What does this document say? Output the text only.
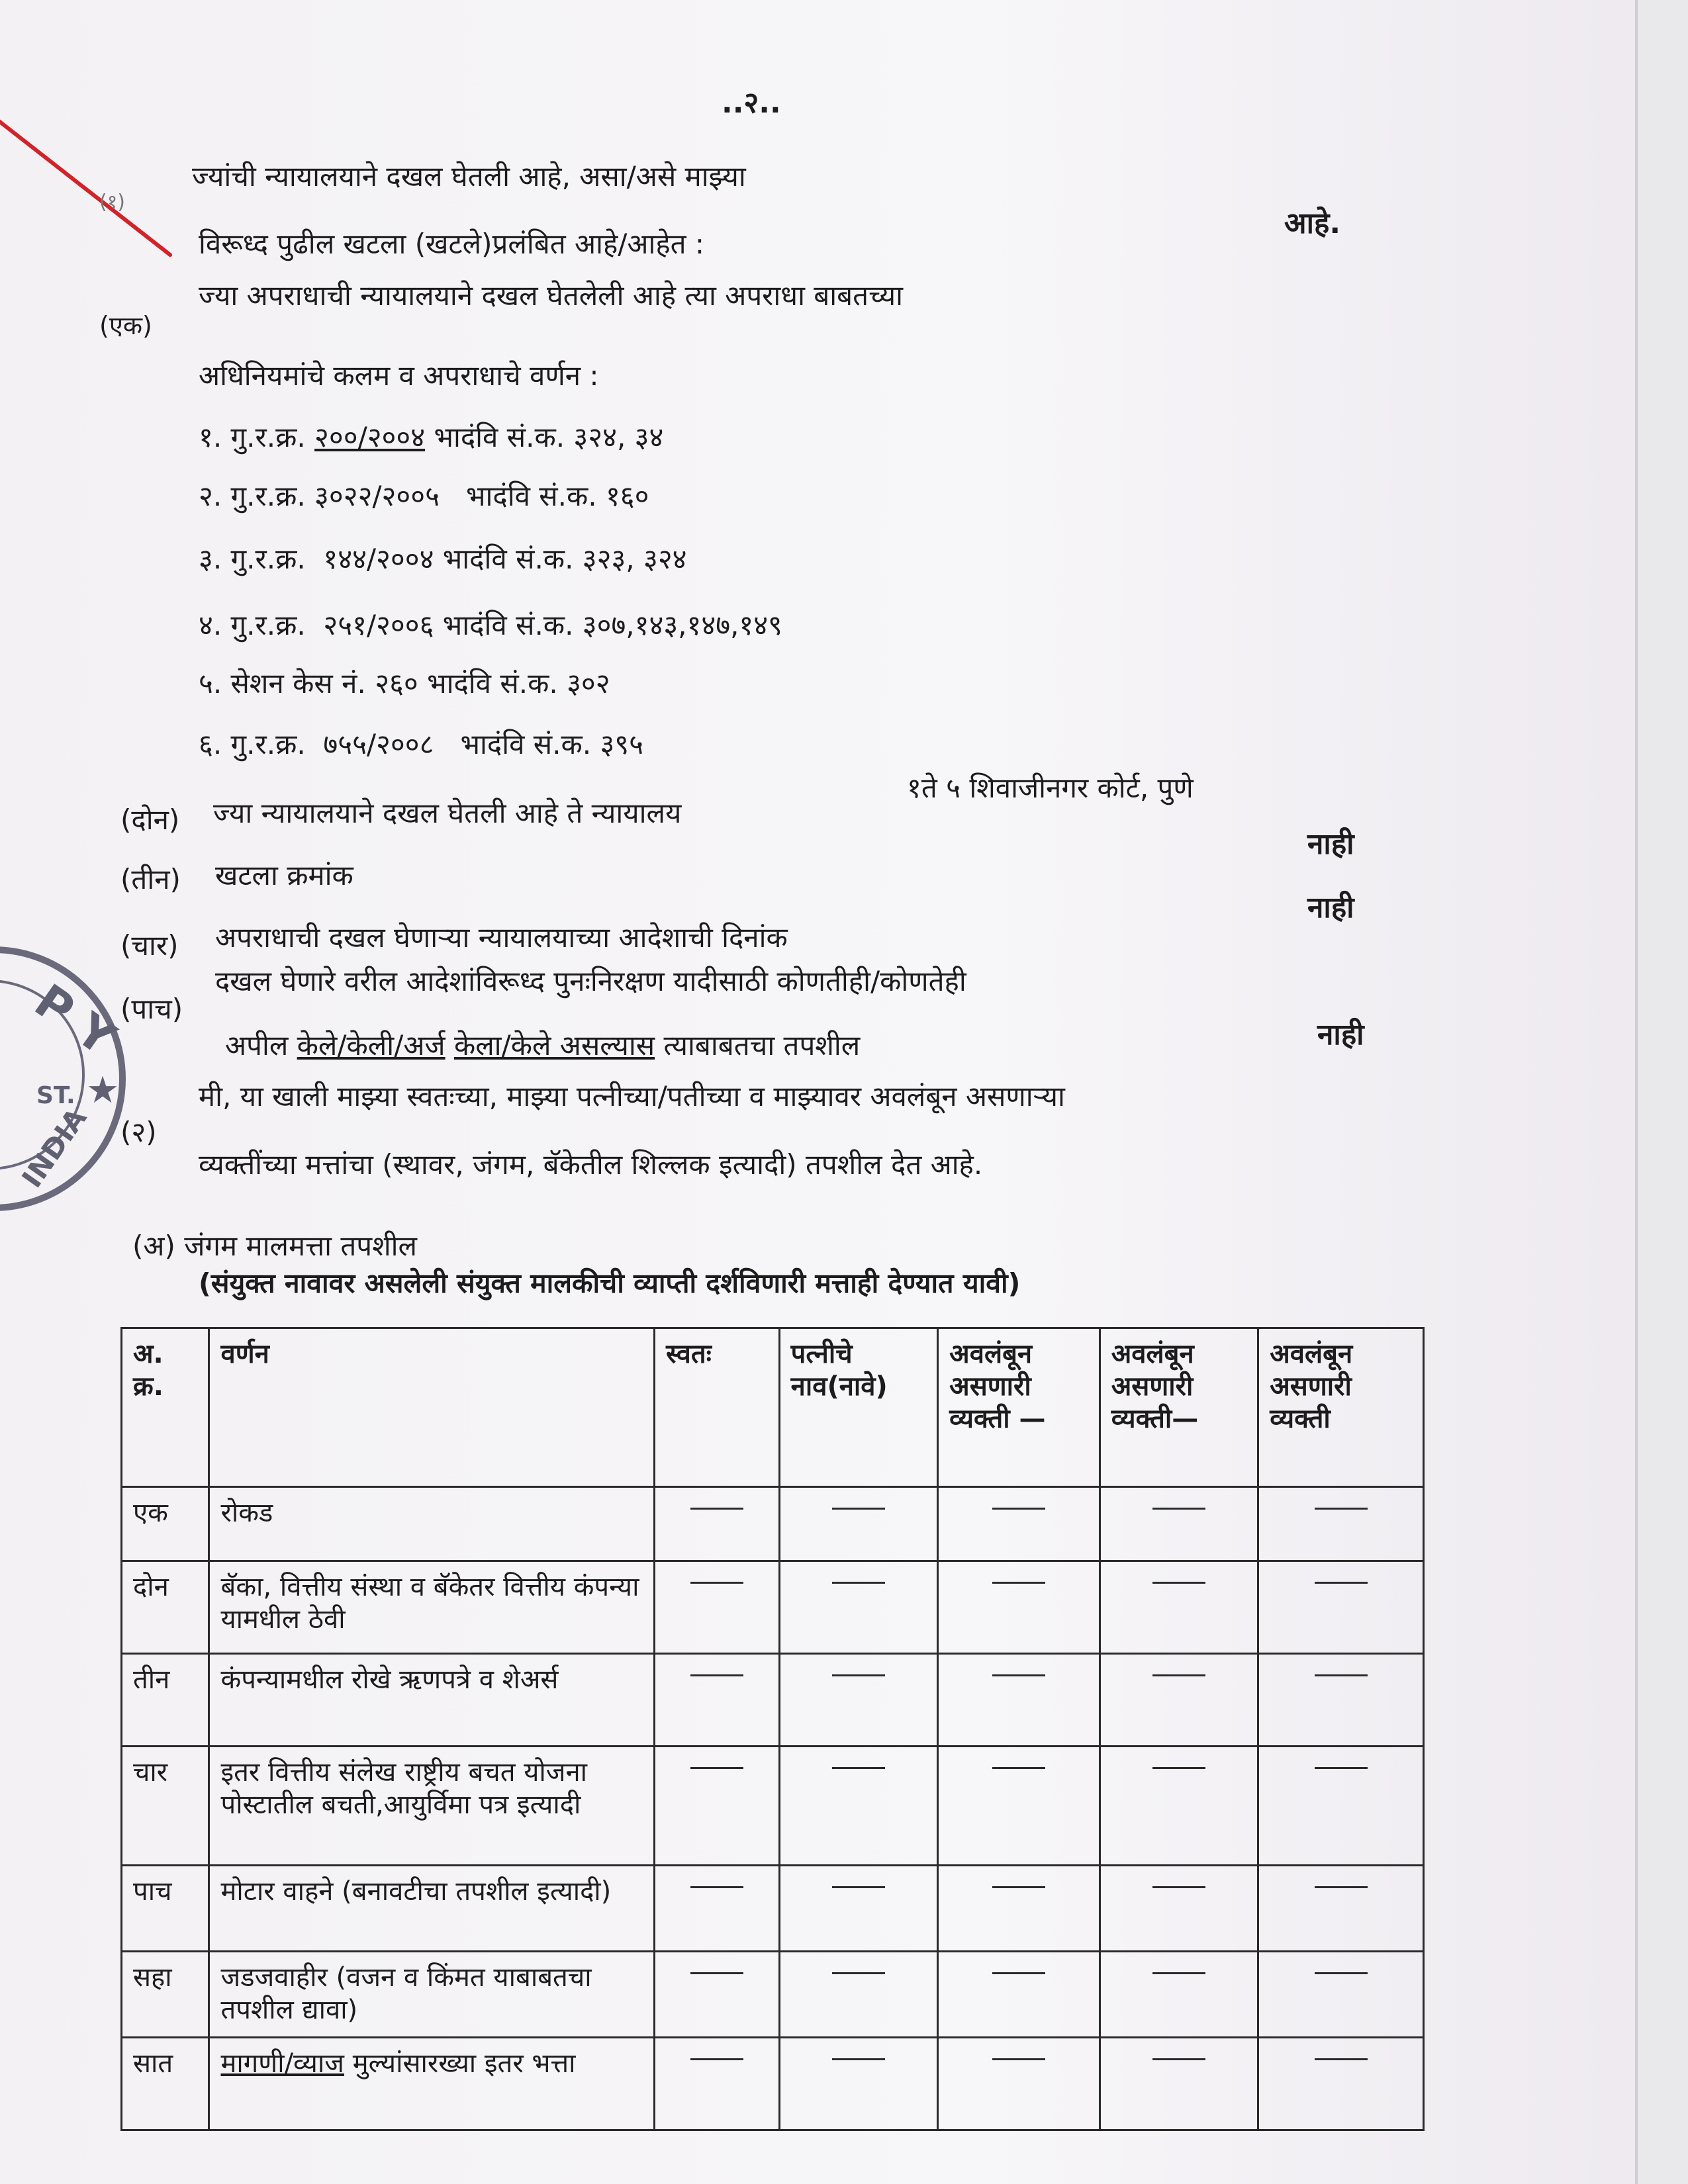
P Y
ST. ★
INDIA
..२..
(१)
ज्यांची न्यायालयाने दखल घेतली आहे, असा/असे माझ्या
आहे.
विरूध्द पुढील खटला (खटले)प्रलंबित आहे/आहेत :
(एक)
ज्या अपराधाची न्यायालयाने दखल घेतलेली आहे त्या अपराधा बाबतच्या
अधिनियमांचे कलम व अपराधाचे वर्णन :
१. गु.र.क्र. २००/२००४ भादंवि सं.क. ३२४, ३४
२. गु.र.क्र. ३०२२/२००५ भादंवि सं.क. १६०
३. गु.र.क्र. १४४/२००४ भादंवि सं.क. ३२३, ३२४
४. गु.र.क्र. २५१/२००६ भादंवि सं.क. ३०७,१४३,१४७,१४९
५. सेशन केस नं. २६० भादंवि सं.क. ३०२
६. गु.र.क्र. ७५५/२००८ भादंवि सं.क. ३९५
(दोन) ज्या न्यायालयाने दखल घेतली आहे ते न्यायालय
१ते ५ शिवाजीनगर कोर्ट, पुणे
नाही
(तीन) खटला क्रमांक
नाही
(चार) अपराधाची दखल घेणाऱ्या न्यायालयाच्या आदेशाची दिनांक
(पाच)
दखल घेणारे वरील आदेशांविरूध्द पुनःनिरक्षण यादीसाठी कोणतीही/कोणतेही
नाही
अपील केले/केली/अर्ज केला/केले असल्यास त्याबाबतचा तपशील
(२)
मी, या खाली माझ्या स्वतःच्या, माझ्या पत्नीच्या/पतीच्या व माझ्यावर अवलंबून असणाऱ्या
व्यक्तींच्या मत्तांचा (स्थावर, जंगम, बॅकेतील शिल्लक इत्यादी) तपशील देत आहे.
(अ) जंगम मालमत्ता तपशील
(संयुक्त नावावर असलेली संयुक्त मालकीची व्याप्ती दर्शविणारी मत्ताही देण्यात यावी)
अ. क्र.	वर्णन	स्वतः	पत्नीचे नाव(नावे)	अवलंबून असणारी व्यक्ती —	अवलंबून असणारी व्यक्ती—	अवलंबून असणारी व्यक्ती
एक	रोकड	

दोन	बॅका, वित्तीय संस्था व बॅकेतर वित्तीय कंपन्या यामधील ठेवी	

तीन	कंपन्यामधील रोखे ऋणपत्रे व शेअर्स	

चार	इतर वित्तीय संलेख राष्ट्रीय बचत योजना पोस्टातील बचती,आयुर्विमा पत्र इत्यादी	

पाच	मोटार वाहने (बनावटीचा तपशील इत्यादी)	

सहा	जडजवाहीर (वजन व किंमत याबाबतचा तपशील द्यावा)	

सात	मागणी/व्याज मुल्यांसारख्या इतर भत्ता	
